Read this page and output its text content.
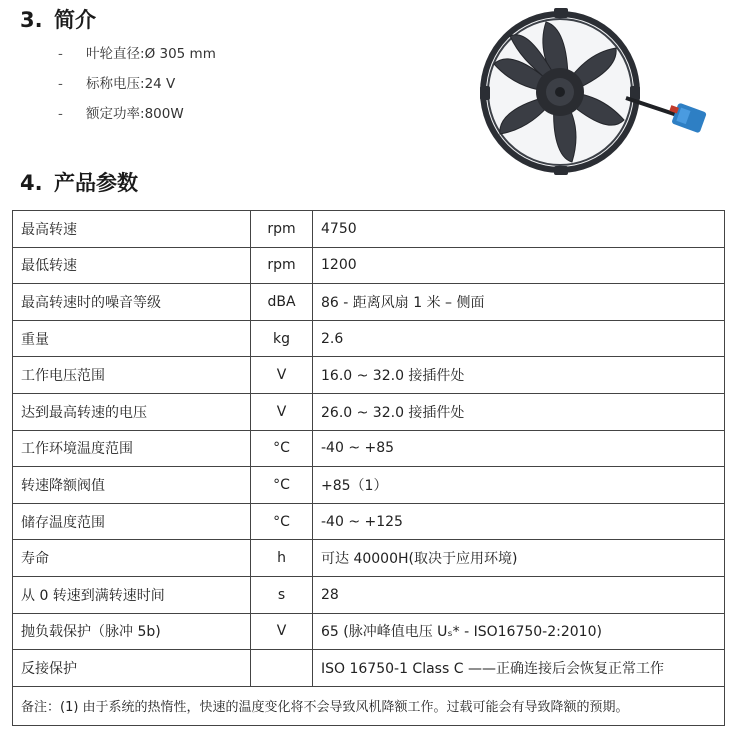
3. 简介
- 叶轮直径:Ø 305 mm
- 标称电压:24 V
- 额定功率:800W
4. 产品参数
最高转速	rpm	4750
最低转速	rpm	1200
最高转速时的噪音等级	dBA	86 - 距离风扇 1 米 – 侧面
重量	kg	2.6
工作电压范围	V	16.0 ~ 32.0 接插件处
达到最高转速的电压	V	26.0 ~ 32.0 接插件处
工作环境温度范围	°C	-40 ~ +85
转速降额阀值	°C	+85（1）
储存温度范围	°C	-40 ~ +125
寿命	h	可达 40000H(取决于应用环境)
从 0 转速到满转速时间	s	28
抛负载保护（脉冲 5b)	V	65 (脉冲峰值电压 Uₛ* - ISO16750-2:2010)
反接保护		ISO 16750-1 Class C ——正确连接后会恢复正常工作
备注：(1) 由于系统的热惰性，快速的温度变化将不会导致风机降额工作。过载可能会有导致降额的预期。		
